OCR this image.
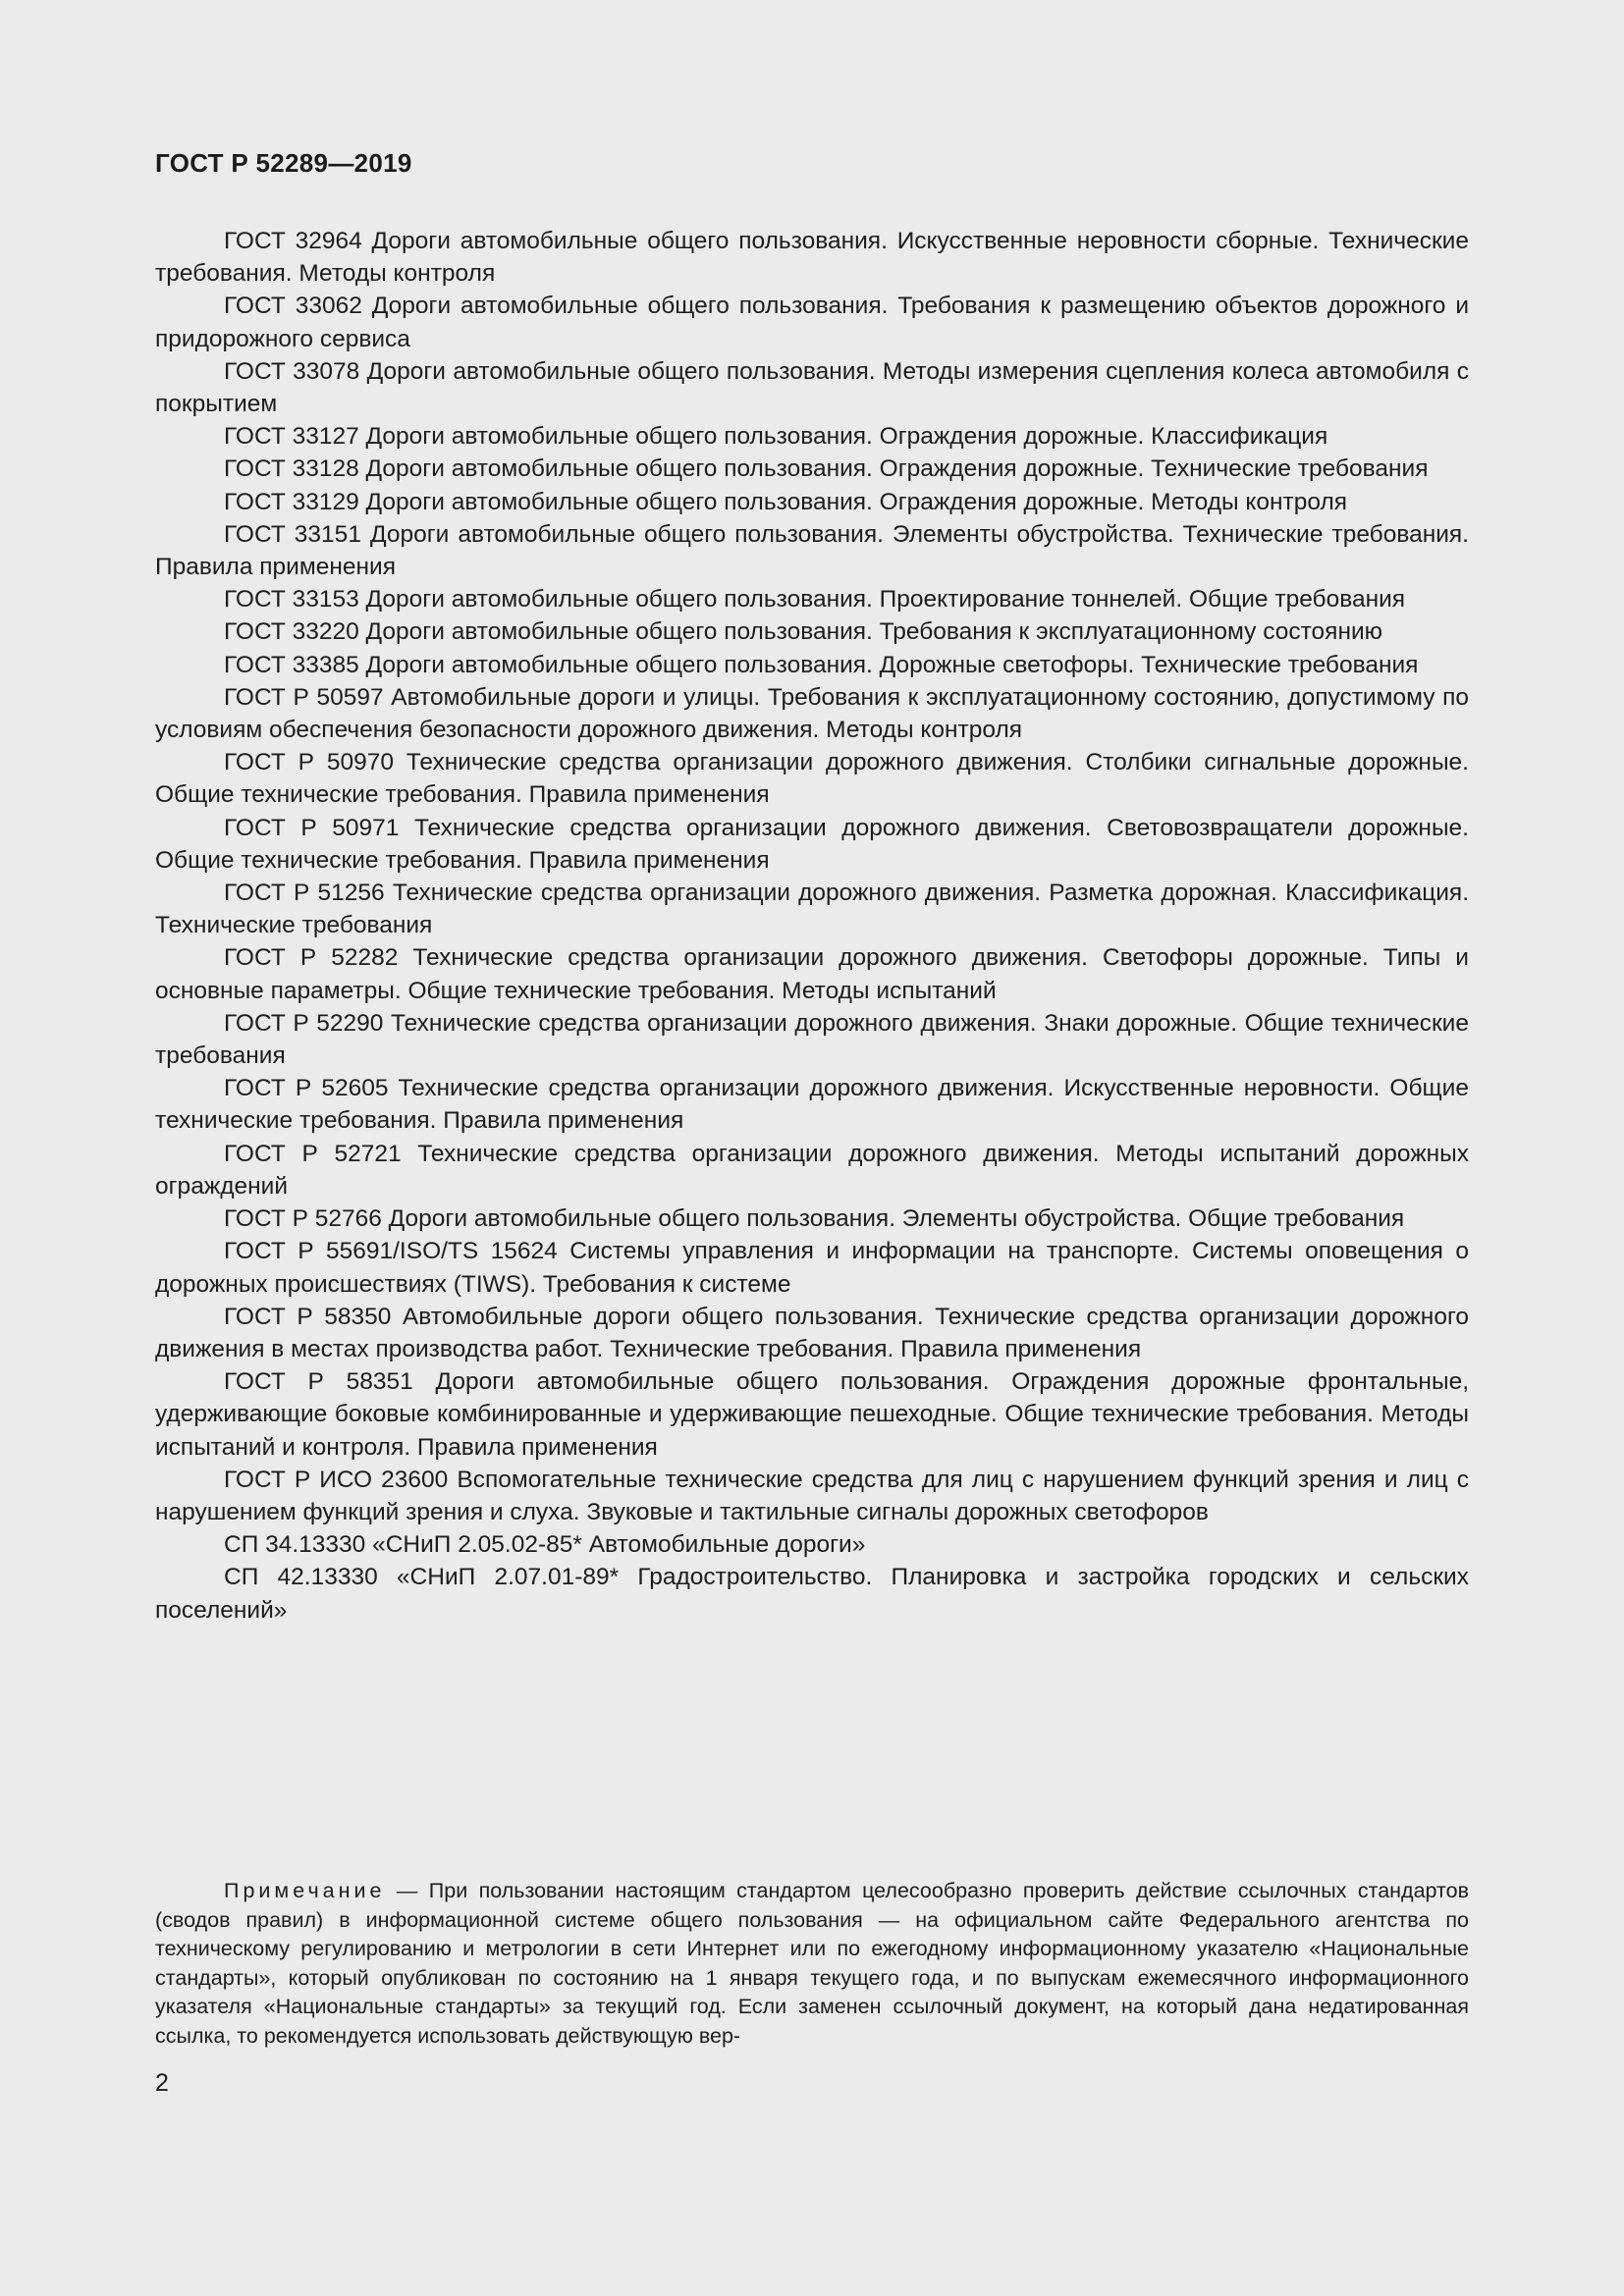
ГОСТ Р 52289—2019

ГОСТ 32964 Дороги автомобильные общего пользования. Искусственные неровности сборные. Технические требования. Методы контроля

ГОСТ 33062 Дороги автомобильные общего пользования. Требования к размещению объектов дорожного и придорожного сервиса

ГОСТ 33078 Дороги автомобильные общего пользования. Методы измерения сцепления колеса автомобиля с покрытием

ГОСТ 33127 Дороги автомобильные общего пользования. Ограждения дорожные. Классификация

ГОСТ 33128 Дороги автомобильные общего пользования. Ограждения дорожные. Технические требования

ГОСТ 33129 Дороги автомобильные общего пользования. Ограждения дорожные. Методы контроля

ГОСТ 33151 Дороги автомобильные общего пользования. Элементы обустройства. Технические требования. Правила применения

ГОСТ 33153 Дороги автомобильные общего пользования. Проектирование тоннелей. Общие требования

ГОСТ 33220 Дороги автомобильные общего пользования. Требования к эксплуатационному состоянию

ГОСТ 33385 Дороги автомобильные общего пользования. Дорожные светофоры. Технические требования

ГОСТ Р 50597 Автомобильные дороги и улицы. Требования к эксплуатационному состоянию, допустимому по условиям обеспечения безопасности дорожного движения. Методы контроля

ГОСТ Р 50970 Технические средства организации дорожного движения. Столбики сигнальные дорожные. Общие технические требования. Правила применения

ГОСТ Р 50971 Технические средства организации дорожного движения. Световозвращатели дорожные. Общие технические требования. Правила применения

ГОСТ Р 51256 Технические средства организации дорожного движения. Разметка дорожная. Классификация. Технические требования

ГОСТ Р 52282 Технические средства организации дорожного движения. Светофоры дорожные. Типы и основные параметры. Общие технические требования. Методы испытаний

ГОСТ Р 52290 Технические средства организации дорожного движения. Знаки дорожные. Общие технические требования

ГОСТ Р 52605 Технические средства организации дорожного движения. Искусственные неровности. Общие технические требования. Правила применения

ГОСТ Р 52721 Технические средства организации дорожного движения. Методы испытаний дорожных ограждений

ГОСТ Р 52766 Дороги автомобильные общего пользования. Элементы обустройства. Общие требования

ГОСТ Р 55691/ISO/TS 15624 Системы управления и информации на транспорте. Системы оповещения о дорожных происшествиях (TIWS). Требования к системе

ГОСТ Р 58350 Автомобильные дороги общего пользования. Технические средства организации дорожного движения в местах производства работ. Технические требования. Правила применения

ГОСТ Р 58351 Дороги автомобильные общего пользования. Ограждения дорожные фронтальные, удерживающие боковые комбинированные и удерживающие пешеходные. Общие технические требования. Методы испытаний и контроля. Правила применения

ГОСТ Р ИСО 23600 Вспомогательные технические средства для лиц с нарушением функций зрения и лиц с нарушением функций зрения и слуха. Звуковые и тактильные сигналы дорожных светофоров

СП 34.13330 «СНиП 2.05.02-85* Автомобильные дороги»

СП 42.13330 «СНиП 2.07.01-89* Градостроительство. Планировка и застройка городских и сельских поселений»

Примечание — При пользовании настоящим стандартом целесообразно проверить действие ссылочных стандартов (сводов правил) в информационной системе общего пользования — на официальном сайте Федерального агентства по техническому регулированию и метрологии в сети Интернет или по ежегодному информационному указателю «Национальные стандарты», который опубликован по состоянию на 1 января текущего года, и по выпускам ежемесячного информационного указателя «Национальные стандарты» за текущий год. Если заменен ссылочный документ, на который дана недатированная ссылка, то рекомендуется использовать действующую вер-

2
